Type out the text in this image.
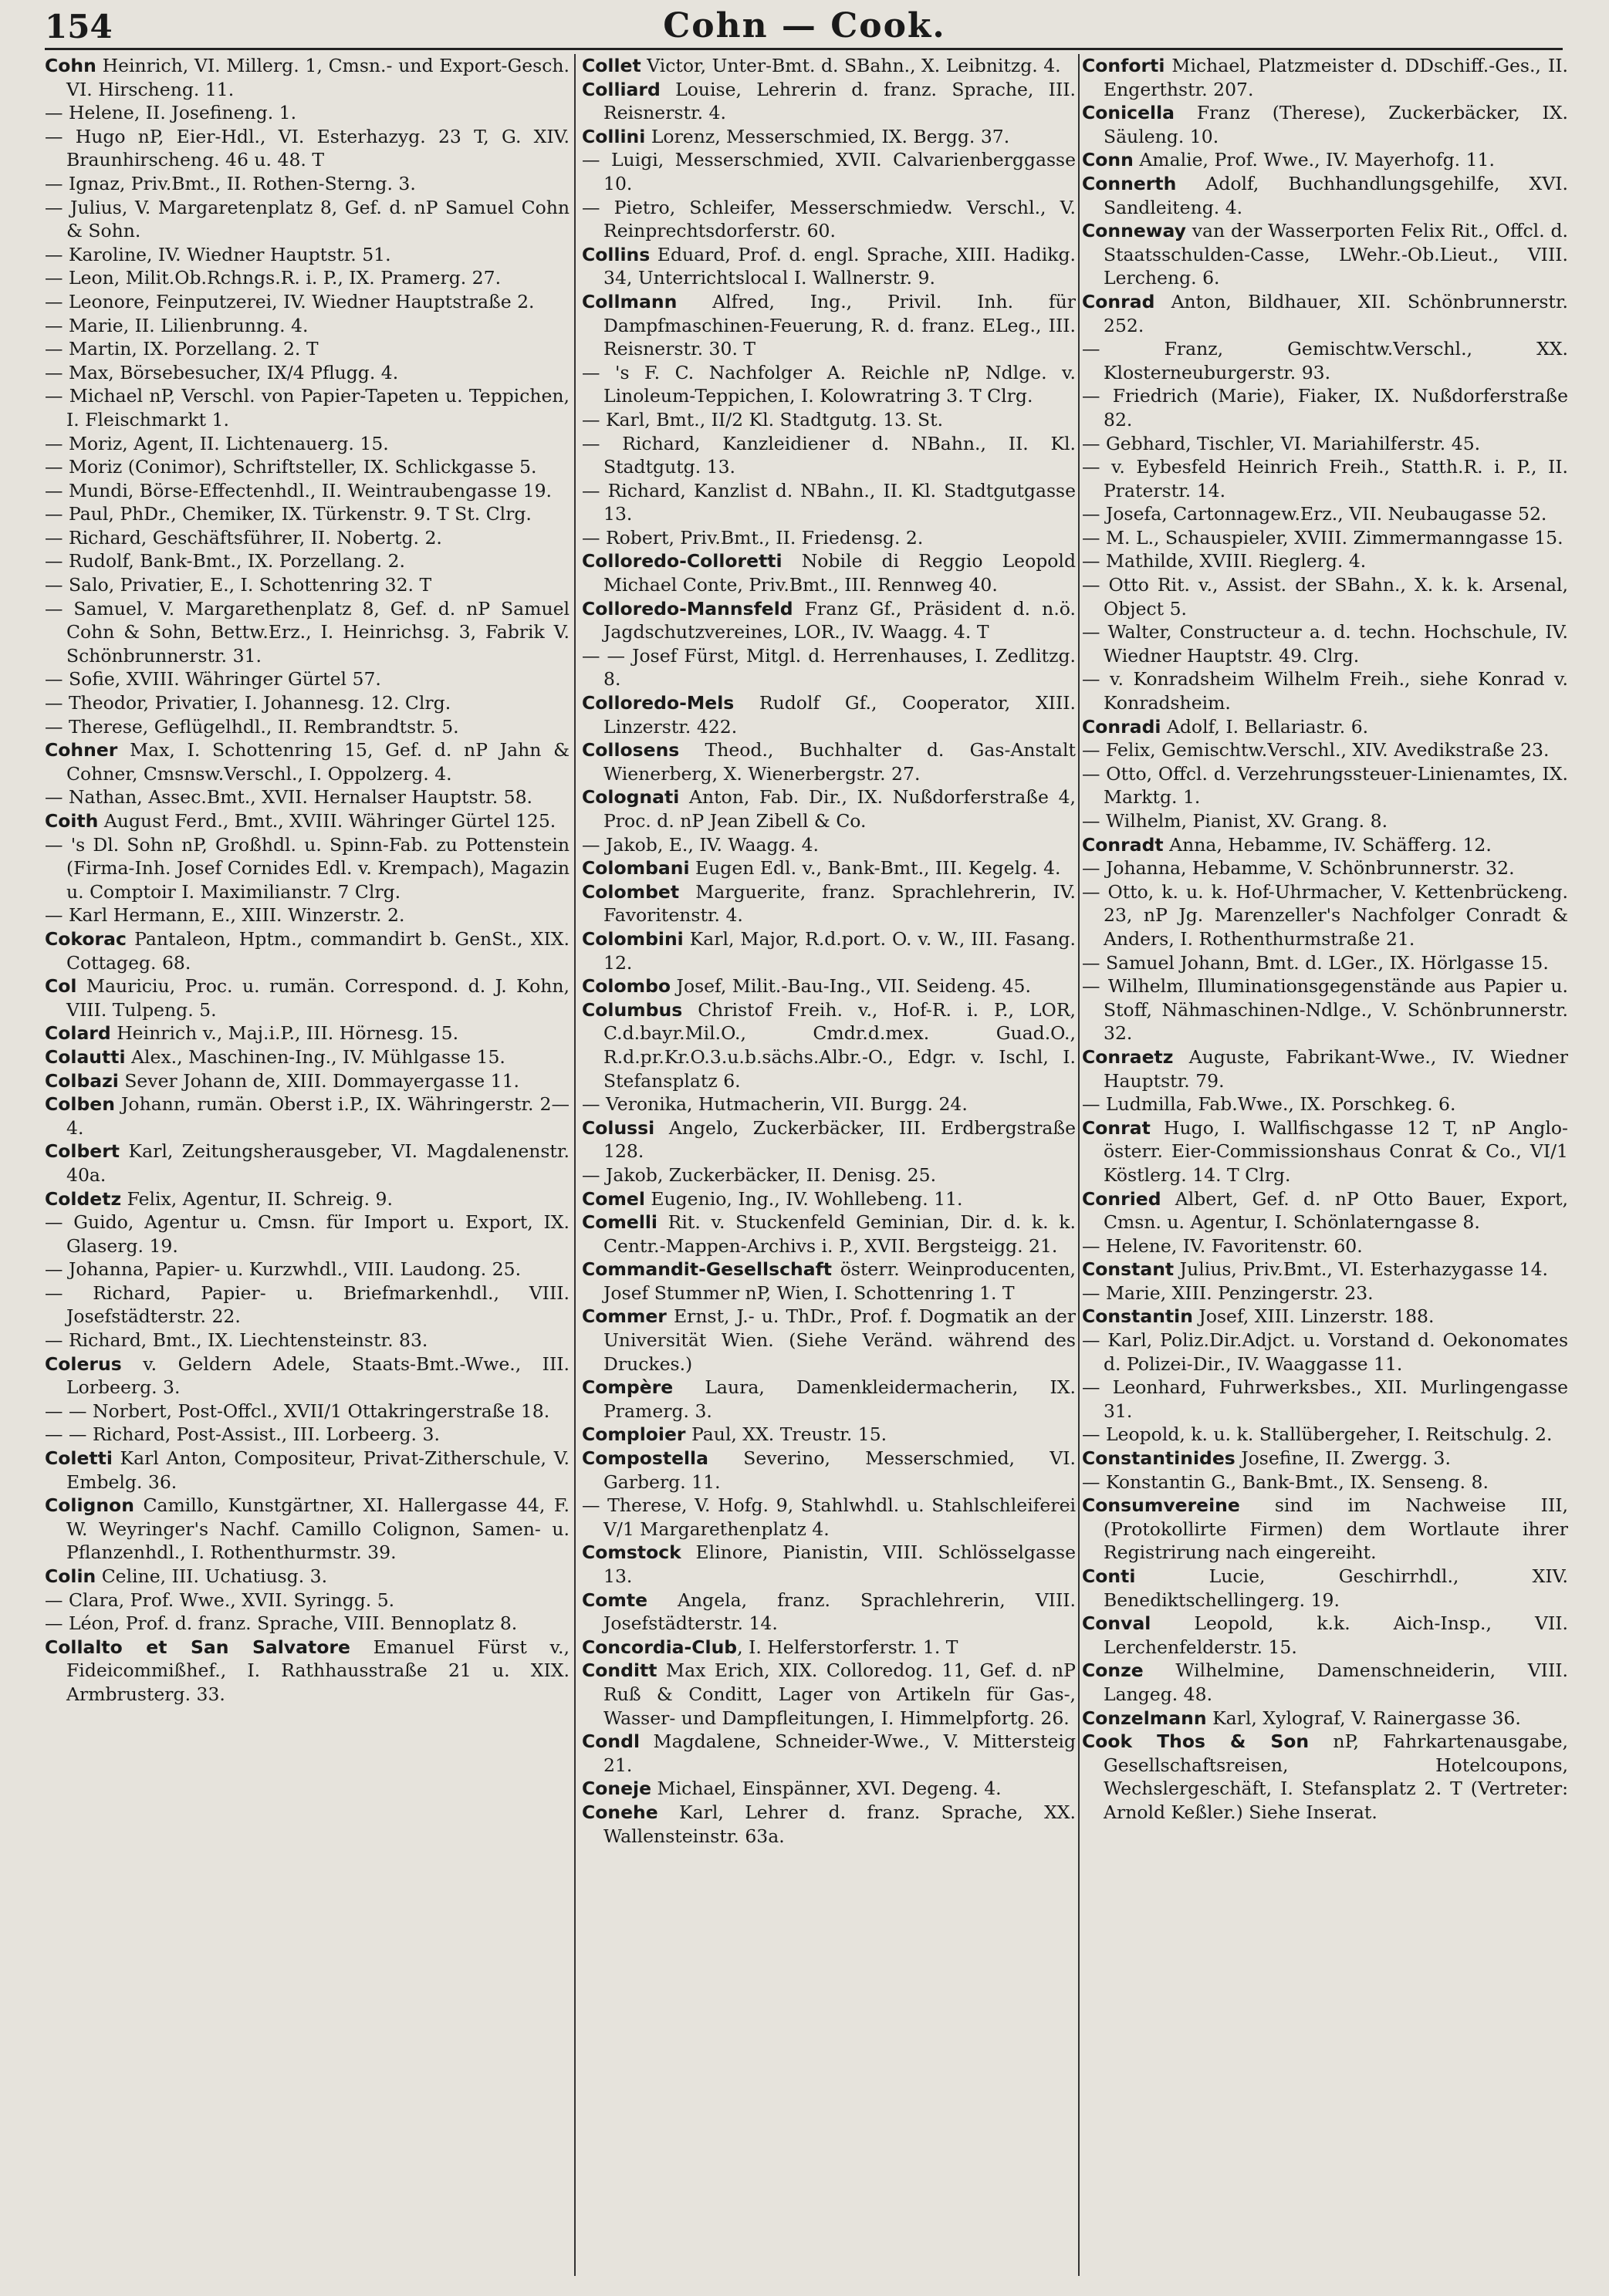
154	Cohn — Cook.

Cohn Heinrich, VI. Millerg. 1, Cmsn.- und Export-Gesch. VI. Hirscheng. 11.

— Helene, II. Josefineng. 1.

— Hugo nP, Eier-Hdl., VI. Esterhazyg. 23 T, G. XIV. Braunhirscheng. 46 u. 48. T

— Ignaz, Priv.Bmt., II. Rothen-Sterng. 3.

— Julius, V. Margaretenplatz 8, Gef. d. nP Samuel Cohn & Sohn.

— Karoline, IV. Wiedner Hauptstr. 51.

— Leon, Milit.Ob.Rchngs.R. i. P., IX. Pramerg. 27.

— Leonore, Feinputzerei, IV. Wiedner Hauptstraße 2.

— Marie, II. Lilienbrunng. 4.

— Martin, IX. Porzellang. 2. T

— Max, Börsebesucher, IX/4 Pflugg. 4.

— Michael nP, Verschl. von Papier-Tapeten u. Teppichen, I. Fleischmarkt 1.

— Moriz, Agent, II. Lichtenauerg. 15.

— Moriz (Conimor), Schriftsteller, IX. Schlickgasse 5.

— Mundi, Börse-Effectenhdl., II. Weintraubengasse 19.

— Paul, PhDr., Chemiker, IX. Türkenstr. 9. T St. Clrg.

— Richard, Geschäftsführer, II. Nobertg. 2.

— Rudolf, Bank-Bmt., IX. Porzellang. 2.

— Salo, Privatier, E., I. Schottenring 32. T

— Samuel, V. Margarethenplatz 8, Gef. d. nP Samuel Cohn & Sohn, Bettw.Erz., I. Heinrichsg. 3, Fabrik V. Schönbrunnerstr. 31.

— Sofie, XVIII. Währinger Gürtel 57.

— Theodor, Privatier, I. Johannesg. 12. Clrg.

— Therese, Geflügelhdl., II. Rembrandtstr. 5.

Cohner Max, I. Schottenring 15, Gef. d. nP Jahn & Cohner, Cmsnsw.Verschl., I. Oppolzerg. 4.

— Nathan, Assec.Bmt., XVII. Hernalser Hauptstr. 58.

Coith August Ferd., Bmt., XVIII. Währinger Gürtel 125.

— 's Dl. Sohn nP, Großhdl. u. Spinn-Fab. zu Pottenstein (Firma-Inh. Josef Cornides Edl. v. Krempach), Magazin u. Comptoir I. Maximilianstr. 7 Clrg.

— Karl Hermann, E., XIII. Winzerstr. 2.

Cokorac Pantaleon, Hptm., commandirt b. GenSt., XIX. Cottageg. 68.

Col Mauriciu, Proc. u. rumän. Correspond. d. J. Kohn, VIII. Tulpeng. 5.

Colard Heinrich v., Maj.i.P., III. Hörnesg. 15.

Colautti Alex., Maschinen-Ing., IV. Mühlgasse 15.

Colbazi Sever Johann de, XIII. Dommayergasse 11.

Colben Johann, rumän. Oberst i.P., IX. Währingerstr. 2—4.

Colbert Karl, Zeitungsherausgeber, VI. Magdalenenstr. 40a.

Coldetz Felix, Agentur, II. Schreig. 9.

— Guido, Agentur u. Cmsn. für Import u. Export, IX. Glaserg. 19.

— Johanna, Papier- u. Kurzwhdl., VIII. Laudong. 25.

— Richard, Papier- u. Briefmarkenhdl., VIII. Josefstädterstr. 22.

— Richard, Bmt., IX. Liechtensteinstr. 83.

Colerus v. Geldern Adele, Staats-Bmt.-Wwe., III. Lorbeerg. 3.

— — Norbert, Post-Offcl., XVII/1 Ottakringerstraße 18.

— — Richard, Post-Assist., III. Lorbeerg. 3.

Coletti Karl Anton, Compositeur, Privat-Zitherschule, V. Embelg. 36.

Colignon Camillo, Kunstgärtner, XI. Hallergasse 44, F. W. Weyringer's Nachf. Camillo Colignon, Samen- u. Pflanzenhdl., I. Rothenthurmstr. 39.

Colin Celine, III. Uchatiusg. 3.

— Clara, Prof. Wwe., XVII. Syringg. 5.

— Léon, Prof. d. franz. Sprache, VIII. Bennoplatz 8.

Collalto et San Salvatore Emanuel Fürst v., Fideicommißhef., I. Rathhausstraße 21 u. XIX. Armbrusterg. 33.

Collet Victor, Unter-Bmt. d. SBahn., X. Leibnitzg. 4.

Colliard Louise, Lehrerin d. franz. Sprache, III. Reisnerstr. 4.

Collini Lorenz, Messerschmied, IX. Bergg. 37.

— Luigi, Messerschmied, XVII. Calvarienberggasse 10.

— Pietro, Schleifer, Messerschmiedw. Verschl., V. Reinprechtsdorferstr. 60.

Collins Eduard, Prof. d. engl. Sprache, XIII. Hadikg. 34, Unterrichtslocal I. Wallnerstr. 9.

Collmann Alfred, Ing., Privil. Inh. für Dampfmaschinen-Feuerung, R. d. franz. ELeg., III. Reisnerstr. 30. T

— 's F. C. Nachfolger A. Reichle nP, Ndlge. v. Linoleum-Teppichen, I. Kolowratring 3. T Clrg.

— Karl, Bmt., II/2 Kl. Stadtgutg. 13. St.

— Richard, Kanzleidiener d. NBahn., II. Kl. Stadtgutg. 13.

— Richard, Kanzlist d. NBahn., II. Kl. Stadtgutgasse 13.

— Robert, Priv.Bmt., II. Friedensg. 2.

Colloredo-Colloretti Nobile di Reggio Leopold Michael Conte, Priv.Bmt., III. Rennweg 40.

Colloredo-Mannsfeld Franz Gf., Präsident d. n.ö. Jagdschutzvereines, LOR., IV. Waagg. 4. T

— — Josef Fürst, Mitgl. d. Herrenhauses, I. Zedlitzg. 8.

Colloredo-Mels Rudolf Gf., Cooperator, XIII. Linzerstr. 422.

Collosens Theod., Buchhalter d. Gas-Anstalt Wienerberg, X. Wienerbergstr. 27.

Colognati Anton, Fab. Dir., IX. Nußdorferstraße 4, Proc. d. nP Jean Zibell & Co.

— Jakob, E., IV. Waagg. 4.

Colombani Eugen Edl. v., Bank-Bmt., III. Kegelg. 4.

Colombet Marguerite, franz. Sprachlehrerin, IV. Favoritenstr. 4.

Colombini Karl, Major, R.d.port. O. v. W., III. Fasang. 12.

Colombo Josef, Milit.-Bau-Ing., VII. Seideng. 45.

Columbus Christof Freih. v., Hof-R. i. P., LOR, C.d.bayr.Mil.O., Cmdr.d.mex. Guad.O., R.d.pr.Kr.O.3.u.b.sächs.Albr.-O., Edgr. v. Ischl, I. Stefansplatz 6.

— Veronika, Hutmacherin, VII. Burgg. 24.

Colussi Angelo, Zuckerbäcker, III. Erdbergstraße 128.

— Jakob, Zuckerbäcker, II. Denisg. 25.

Comel Eugenio, Ing., IV. Wohllebeng. 11.

Comelli Rit. v. Stuckenfeld Geminian, Dir. d. k. k. Centr.-Mappen-Archivs i. P., XVII. Bergsteigg. 21.

Commandit-Gesellschaft österr. Weinproducenten, Josef Stummer nP, Wien, I. Schottenring 1. T

Commer Ernst, J.- u. ThDr., Prof. f. Dogmatik an der Universität Wien. (Siehe Veränd. während des Druckes.)

Compère Laura, Damenkleidermacherin, IX. Pramerg. 3.

Comploier Paul, XX. Treustr. 15.

Compostella Severino, Messerschmied, VI. Garberg. 11.

— Therese, V. Hofg. 9, Stahlwhdl. u. Stahlschleiferei V/1 Margarethenplatz 4.

Comstock Elinore, Pianistin, VIII. Schlösselgasse 13.

Comte Angela, franz. Sprachlehrerin, VIII. Josefstädterstr. 14.

Concordia-Club, I. Helferstorferstr. 1. T

Conditt Max Erich, XIX. Colloredog. 11, Gef. d. nP Ruß & Conditt, Lager von Artikeln für Gas-, Wasser- und Dampfleitungen, I. Himmelpfortg. 26.

Condl Magdalene, Schneider-Wwe., V. Mittersteig 21.

Coneje Michael, Einspänner, XVI. Degeng. 4.

Conehe Karl, Lehrer d. franz. Sprache, XX. Wallensteinstr. 63a.

Conforti Michael, Platzmeister d. DDschiff.-Ges., II. Engerthstr. 207.

Conicella Franz (Therese), Zuckerbäcker, IX. Säuleng. 10.

Conn Amalie, Prof. Wwe., IV. Mayerhofg. 11.

Connerth Adolf, Buchhandlungsgehilfe, XVI. Sandleiteng. 4.

Conneway van der Wasserporten Felix Rit., Offcl. d. Staatsschulden-Casse, LWehr.-Ob.Lieut., VIII. Lercheng. 6.

Conrad Anton, Bildhauer, XII. Schönbrunnerstr. 252.

— Franz, Gemischtw.Verschl., XX. Klosterneuburgerstr. 93.

— Friedrich (Marie), Fiaker, IX. Nußdorferstraße 82.

— Gebhard, Tischler, VI. Mariahilferstr. 45.

— v. Eybesfeld Heinrich Freih., Statth.R. i. P., II. Praterstr. 14.

— Josefa, Cartonnagew.Erz., VII. Neubaugasse 52.

— M. L., Schauspieler, XVIII. Zimmermanngasse 15.

— Mathilde, XVIII. Rieglerg. 4.

— Otto Rit. v., Assist. der SBahn., X. k. k. Arsenal, Object 5.

— Walter, Constructeur a. d. techn. Hochschule, IV. Wiedner Hauptstr. 49. Clrg.

— v. Konradsheim Wilhelm Freih., siehe Konrad v. Konradsheim.

Conradi Adolf, I. Bellariastr. 6.

— Felix, Gemischtw.Verschl., XIV. Avedikstraße 23.

— Otto, Offcl. d. Verzehrungssteuer-Linienamtes, IX. Marktg. 1.

— Wilhelm, Pianist, XV. Grang. 8.

Conradt Anna, Hebamme, IV. Schäfferg. 12.

— Johanna, Hebamme, V. Schönbrunnerstr. 32.

— Otto, k. u. k. Hof-Uhrmacher, V. Kettenbrückeng. 23, nP Jg. Marenzeller's Nachfolger Conradt & Anders, I. Rothenthurmstraße 21.

— Samuel Johann, Bmt. d. LGer., IX. Hörlgasse 15.

— Wilhelm, Illuminationsgegenstände aus Papier u. Stoff, Nähmaschinen-Ndlge., V. Schönbrunnerstr. 32.

Conraetz Auguste, Fabrikant-Wwe., IV. Wiedner Hauptstr. 79.

— Ludmilla, Fab.Wwe., IX. Porschkeg. 6.

Conrat Hugo, I. Wallfischgasse 12 T, nP Anglo-österr. Eier-Commissionshaus Conrat & Co., VI/1 Köstlerg. 14. T Clrg.

Conried Albert, Gef. d. nP Otto Bauer, Export, Cmsn. u. Agentur, I. Schönlaterngasse 8.

— Helene, IV. Favoritenstr. 60.

Constant Julius, Priv.Bmt., VI. Esterhazygasse 14.

— Marie, XIII. Penzingerstr. 23.

Constantin Josef, XIII. Linzerstr. 188.

— Karl, Poliz.Dir.Adjct. u. Vorstand d. Oekonomates d. Polizei-Dir., IV. Waaggasse 11.

— Leonhard, Fuhrwerksbes., XII. Murlingengasse 31.

— Leopold, k. u. k. Stallübergeher, I. Reitschulg. 2.

Constantinides Josefine, II. Zwergg. 3.

— Konstantin G., Bank-Bmt., IX. Senseng. 8.

Consumvereine sind im Nachweise III, (Protokollirte Firmen) dem Wortlaute ihrer Registrirung nach eingereiht.

Conti Lucie, Geschirrhdl., XIV. Benediktschellingerg. 19.

Conval Leopold, k.k. Aich-Insp., VII. Lerchenfelderstr. 15.

Conze Wilhelmine, Damenschneiderin, VIII. Langeg. 48.

Conzelmann Karl, Xylograf, V. Rainergasse 36.

Cook Thos & Son nP, Fahrkartenausgabe, Gesellschaftsreisen, Hotelcoupons, Wechslergeschäft, I. Stefansplatz 2. T (Vertreter: Arnold Keßler.) Siehe Inserat.
